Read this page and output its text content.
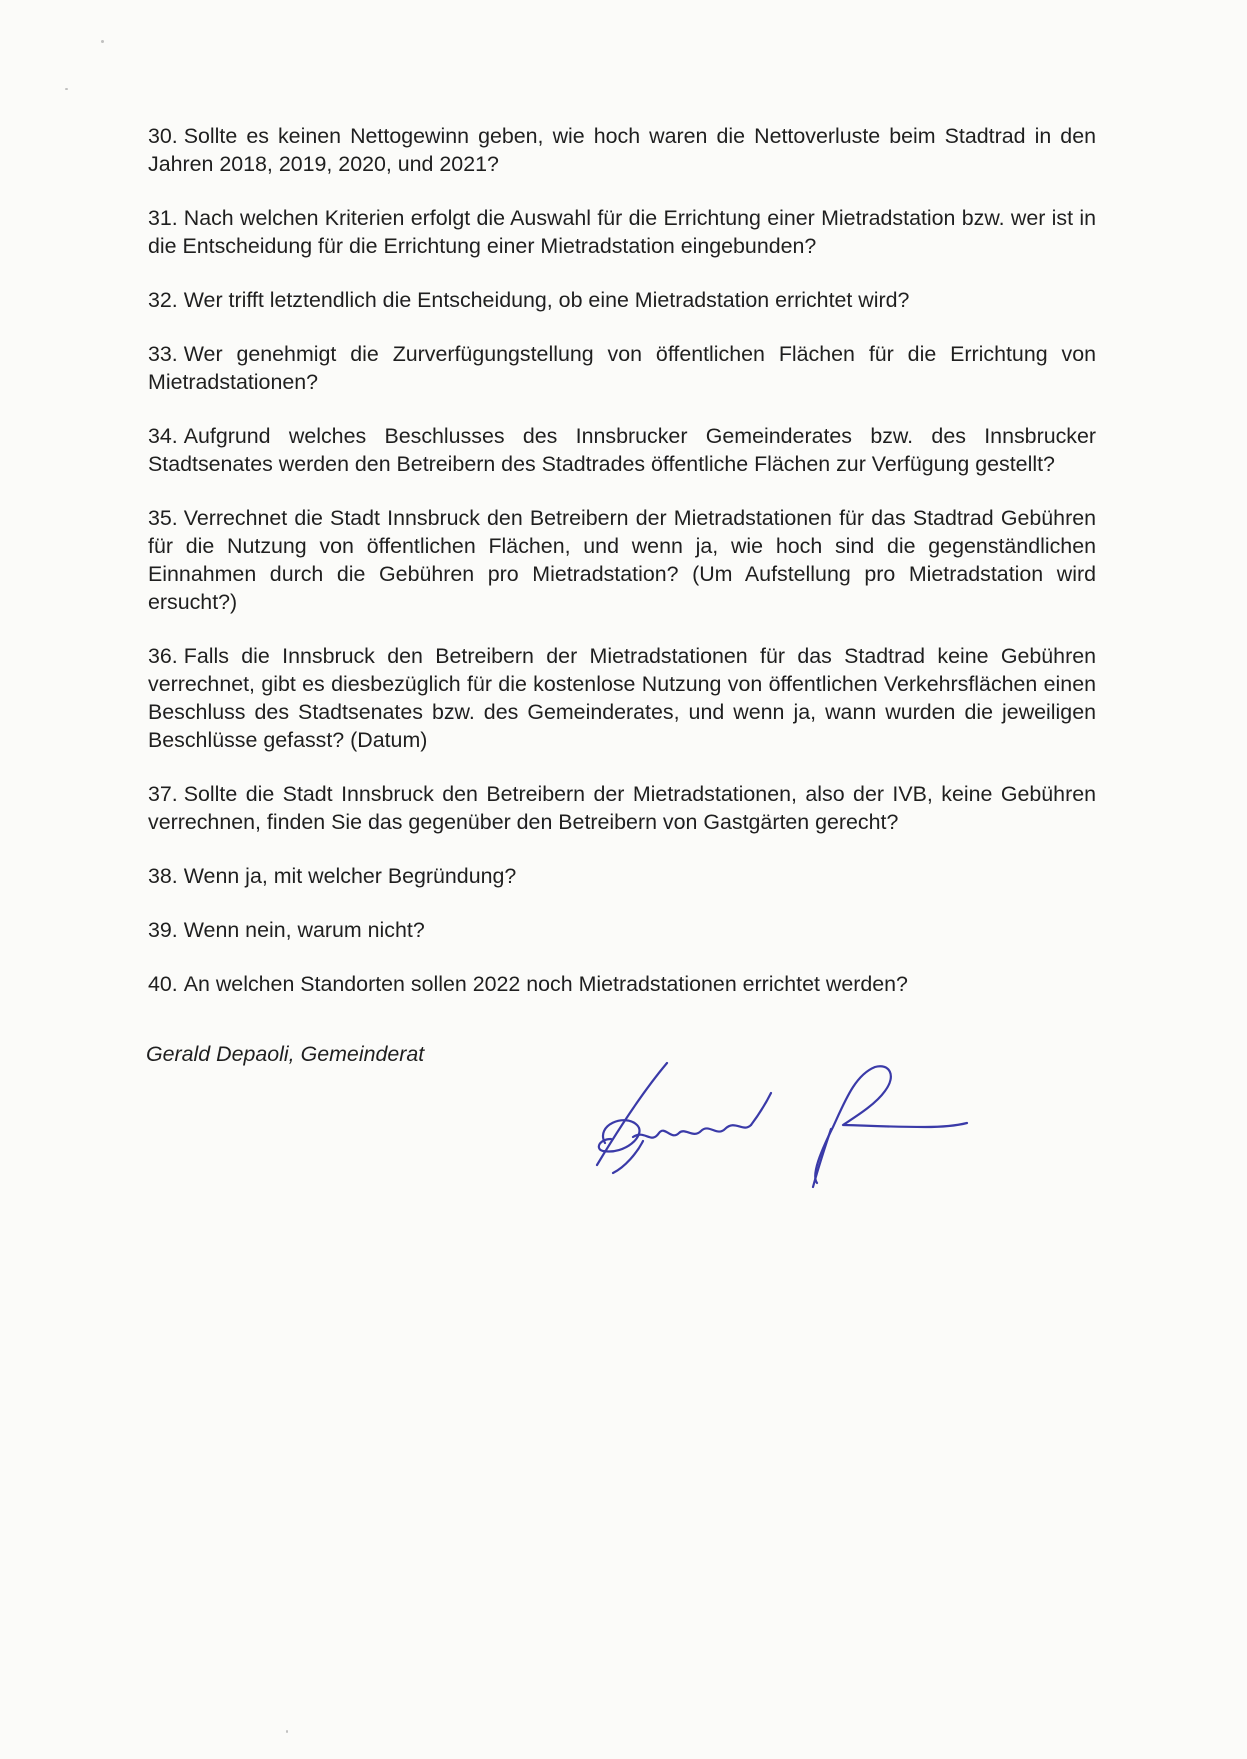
30. Sollte es keinen Nettogewinn geben, wie hoch waren die Nettoverluste beim Stadtrad in den Jahren 2018, 2019, 2020, und 2021?

31. Nach welchen Kriterien erfolgt die Auswahl für die Errichtung einer Mietradstation bzw. wer ist in die Entscheidung für die Errichtung einer Mietradstation eingebunden?

32. Wer trifft letztendlich die Entscheidung, ob eine Mietradstation errichtet wird?

33. Wer genehmigt die Zurverfügungstellung von öffentlichen Flächen für die Errichtung von Mietradstationen?

34. Aufgrund welches Beschlusses des Innsbrucker Gemeinderates bzw. des Innsbrucker Stadtsenates werden den Betreibern des Stadtrades öffentliche Flächen zur Verfügung gestellt?

35. Verrechnet die Stadt Innsbruck den Betreibern der Mietradstationen für das Stadtrad Gebühren für die Nutzung von öffentlichen Flächen, und wenn ja, wie hoch sind die gegenständlichen Einnahmen durch die Gebühren pro Mietradstation? (Um Aufstellung pro Mietradstation wird ersucht?)

36. Falls die Innsbruck den Betreibern der Mietradstationen für das Stadtrad keine Gebühren verrechnet, gibt es diesbezüglich für die kostenlose Nutzung von öffentlichen Verkehrsflächen einen Beschluss des Stadtsenates bzw. des Gemeinderates, und wenn ja, wann wurden die jeweiligen Beschlüsse gefasst? (Datum)

37. Sollte die Stadt Innsbruck den Betreibern der Mietradstationen, also der IVB, keine Gebühren verrechnen, finden Sie das gegenüber den Betreibern von Gastgärten gerecht?

38. Wenn ja, mit welcher Begründung?

39. Wenn nein, warum nicht?

40. An welchen Standorten sollen 2022 noch Mietradstationen errichtet werden?

Gerald Depaoli, Gemeinderat
